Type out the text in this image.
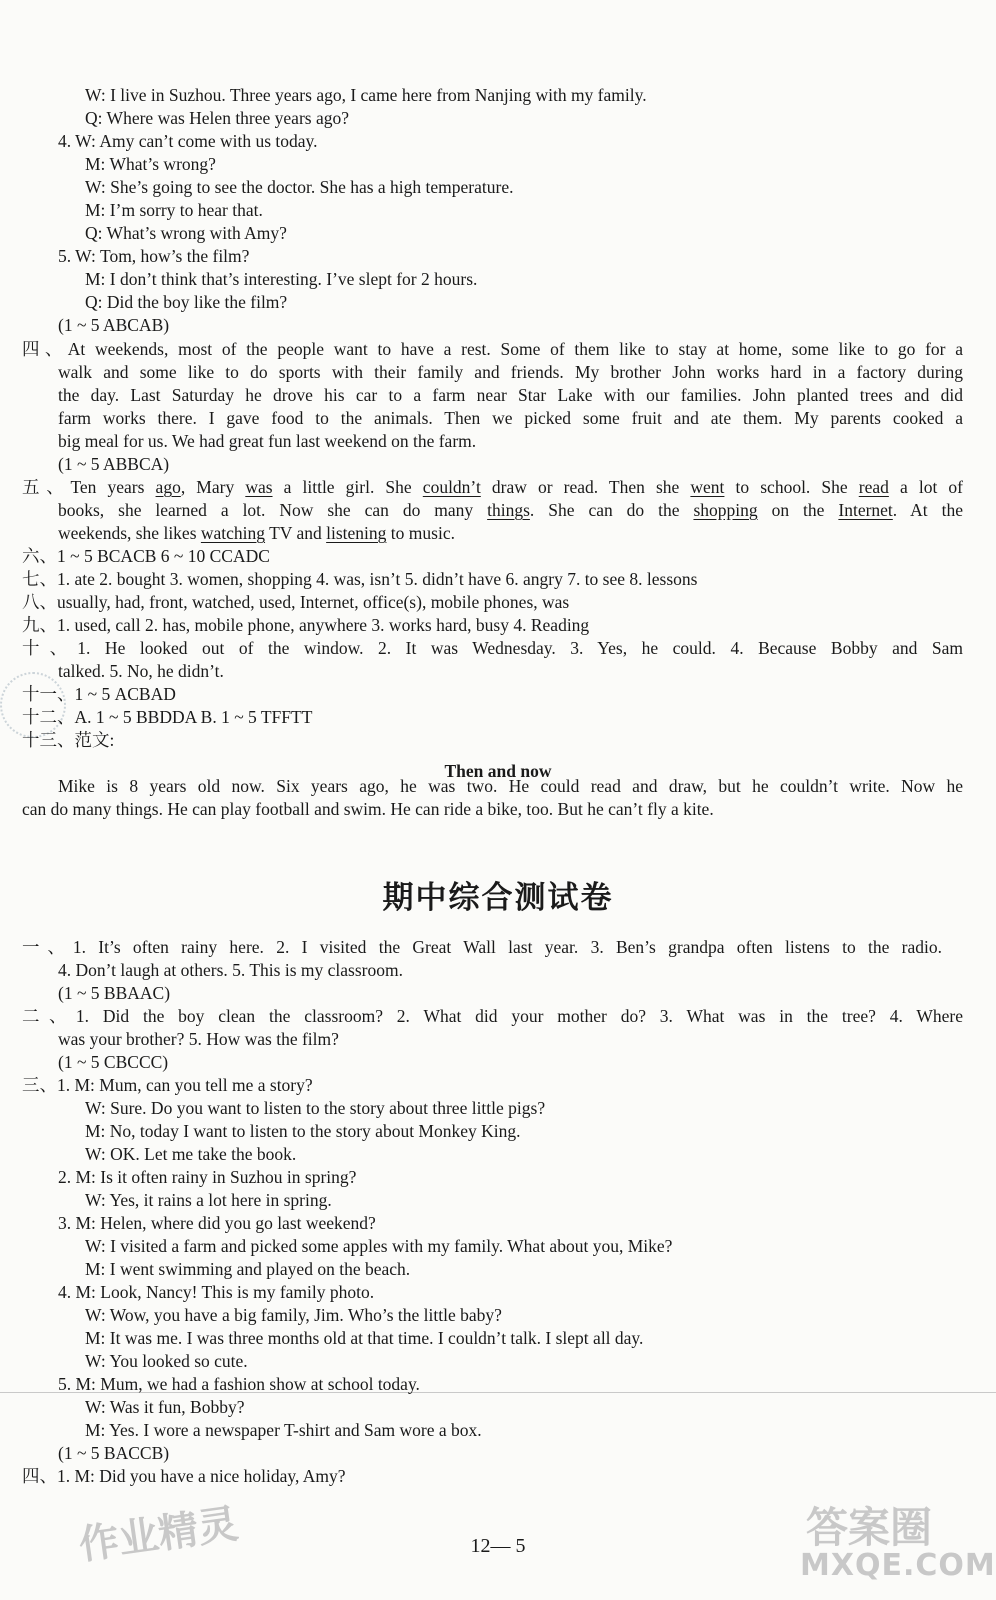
W: I live in Suzhou. Three years ago, I came here from Nanjing with my family.
Q: Where was Helen three years ago?
4. W: Amy can’t come with us today.
M: What’s wrong?
W: She’s going to see the doctor. She has a high temperature.
M: I’m sorry to hear that.
Q: What’s wrong with Amy?
5. W: Tom, how’s the film?
M: I don’t think that’s interesting. I’ve slept for 2 hours.
Q: Did the boy like the film?
(1 ~ 5 ABCAB)
四、At weekends, most of the people want to have a rest. Some of them like to stay at home, some like to go for a
walk and some like to do sports with their family and friends. My brother John works hard in a factory during
the day. Last Saturday he drove his car to a farm near Star Lake with our families. John planted trees and did
farm works there. I gave food to the animals. Then we picked some fruit and ate them. My parents cooked a
big meal for us. We had great fun last weekend on the farm.
(1 ~ 5 ABBCA)
五、Ten years ago, Mary was a little girl. She couldn’t draw or read. Then she went to school. She read a lot of
books, she learned a lot. Now she can do many things. She can do the shopping on the Internet. At the
weekends, she likes watching TV and listening to music.
六、1 ~ 5 BCACB 6 ~ 10 CCADC
七、1. ate 2. bought 3. women, shopping 4. was, isn’t 5. didn’t have 6. angry 7. to see 8. lessons
八、usually, had, front, watched, used, Internet, office(s), mobile phones, was
九、1. used, call 2. has, mobile phone, anywhere 3. works hard, busy 4. Reading
十、1. He looked out of the window. 2. It was Wednesday. 3. Yes, he could. 4. Because Bobby and Sam
talked. 5. No, he didn’t.
十一、1 ~ 5 ACBAD
十二、A. 1 ~ 5 BBDDA B. 1 ~ 5 TFFTT
十三、范文:
Then and now
Mike is 8 years old now. Six years ago, he was two. He could read and draw, but he couldn’t write. Now he
can do many things. He can play football and swim. He can ride a bike, too. But he can’t fly a kite.
期中综合测试卷
一、1. It’s often rainy here. 2. I visited the Great Wall last year. 3. Ben’s grandpa often listens to the radio.
4. Don’t laugh at others. 5. This is my classroom.
(1 ~ 5 BBAAC)
二、1. Did the boy clean the classroom? 2. What did your mother do? 3. What was in the tree? 4. Where
was your brother? 5. How was the film?
(1 ~ 5 CBCCC)
三、1. M: Mum, can you tell me a story?
W: Sure. Do you want to listen to the story about three little pigs?
M: No, today I want to listen to the story about Monkey King.
W: OK. Let me take the book.
2. M: Is it often rainy in Suzhou in spring?
W: Yes, it rains a lot here in spring.
3. M: Helen, where did you go last weekend?
W: I visited a farm and picked some apples with my family. What about you, Mike?
M: I went swimming and played on the beach.
4. M: Look, Nancy! This is my family photo.
W: Wow, you have a big family, Jim. Who’s the little baby?
M: It was me. I was three months old at that time. I couldn’t talk. I slept all day.
W: You looked so cute.
5. M: Mum, we had a fashion show at school today.
W: Was it fun, Bobby?
M: Yes. I wore a newspaper T-shirt and Sam wore a box.
(1 ~ 5 BACCB)
四、1. M: Did you have a nice holiday, Amy?
12— 5
作业精灵	答案圈
MXQE.COM
